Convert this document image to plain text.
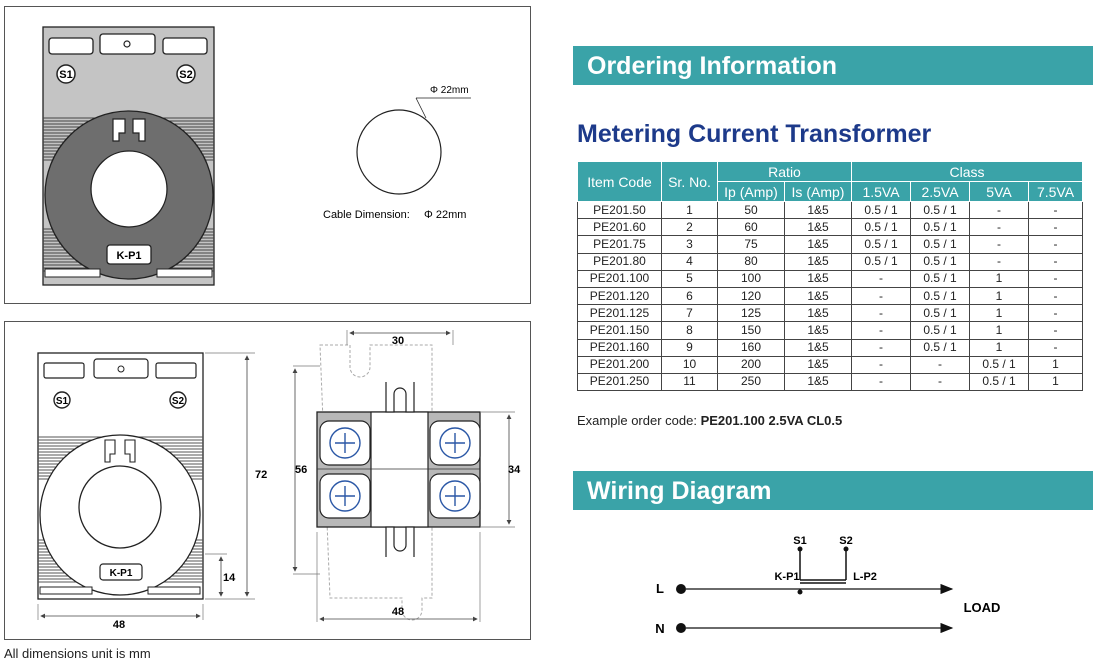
S1	S2
K-P1
Φ 22mm
Cable Dimension: Φ 22mm
S1	S2
K-P1
48
72
14
30
56	34
48
All dimensions unit is mm
Ordering Information
Metering Current Transformer
Item Code	Sr. No.	Ratio		Class			
		Ip (Amp)	Is (Amp)	1.5VA	2.5VA	5VA	7.5VA
PE201.50	1	50	1&5	0.5 / 1	0.5 / 1	-	-
PE201.60	2	60	1&5	0.5 / 1	0.5 / 1	-	-
PE201.75	3	75	1&5	0.5 / 1	0.5 / 1	-	-
PE201.80	4	80	1&5	0.5 / 1	0.5 / 1	-	-
PE201.100	5	100	1&5	-	0.5 / 1	1	-
PE201.120	6	120	1&5	-	0.5 / 1	1	-
PE201.125	7	125	1&5	-	0.5 / 1	1	-
PE201.150	8	150	1&5	-	0.5 / 1	1	-
PE201.160	9	160	1&5	-	0.5 / 1	1	-
PE201.200	10	200	1&5	-	-	0.5 / 1	1
PE201.250	11	250	1&5	-	-	0.5 / 1	1
Example order code: PE201.100 2.5VA CL0.5
Wiring Diagram
S1	S2
K-P1	L-P2
L
LOAD
N
